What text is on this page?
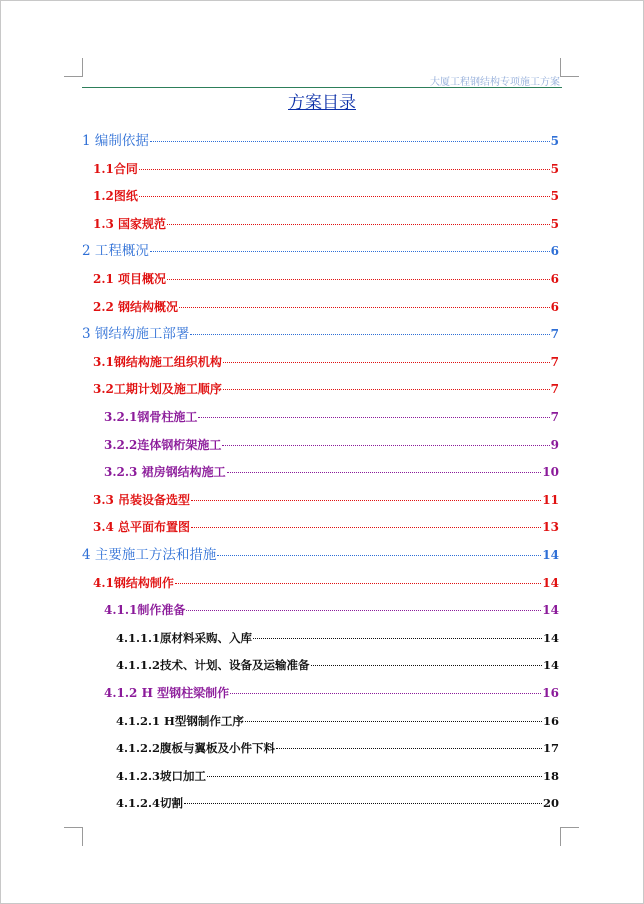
大厦工程钢结构专项施工方案
方案目录
1 编制依据	5
1.1合同	5
1.2图纸	5
1.3 国家规范	5
2 工程概况	6
2.1 项目概况	6
2.2 钢结构概况	6
3 钢结构施工部署	7
3.1钢结构施工组织机构	7
3.2工期计划及施工顺序	7
3.2.1钢骨柱施工	7
3.2.2连体钢桁架施工	9
3.2.3 裙房钢结构施工	10
3.3 吊装设备选型	11
3.4 总平面布置图	13
4 主要施工方法和措施	14
4.1钢结构制作	14
4.1.1制作准备	14
4.1.1.1原材料采购、入库	14
4.1.1.2技术、计划、设备及运输准备	14
4.1.2 H 型钢柱梁制作	16
4.1.2.1 H型钢制作工序	16
4.1.2.2腹板与翼板及小件下料	17
4.1.2.3坡口加工	18
4.1.2.4切割	20
